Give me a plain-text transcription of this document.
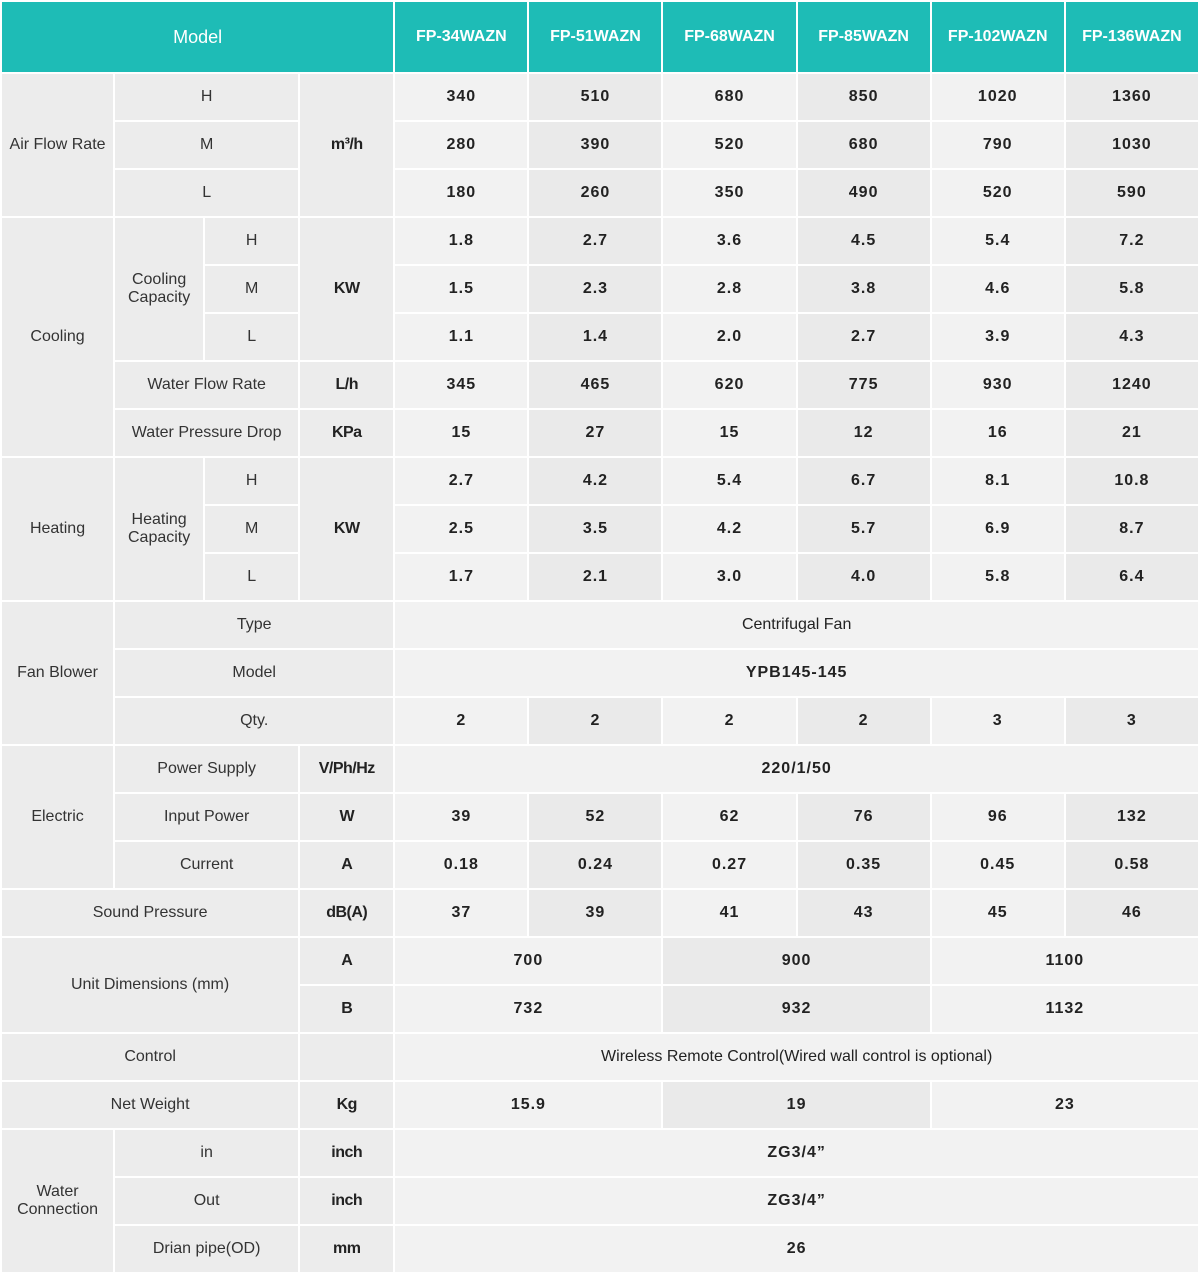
Model				FP-34WAZN	FP-51WAZN	FP-68WAZN	FP-85WAZN	FP-102WAZN	FP-136WAZN
Air Flow Rate	H		m³/h	340	510	680	850	1020	1360
	M			280	390	520	680	790	1030
	L			180	260	350	490	520	590
Cooling	Cooling Capacity	H	KW	1.8	2.7	3.6	4.5	5.4	7.2
		M		1.5	2.3	2.8	3.8	4.6	5.8
		L		1.1	1.4	2.0	2.7	3.9	4.3
	Water Flow Rate		L/h	345	465	620	775	930	1240
	Water Pressure Drop		KPa	15	27	15	12	16	21
Heating	Heating Capacity	H	KW	2.7	4.2	5.4	6.7	8.1	10.8
		M		2.5	3.5	4.2	5.7	6.9	8.7
		L		1.7	2.1	3.0	4.0	5.8	6.4
Fan Blower	Type			Centrifugal Fan					
	Model			YPB145-145					
	Qty.			2	2	2	2	3	3
Electric	Power Supply		V/Ph/Hz	220/1/50					
	Input Power		W	39	52	62	76	96	132
	Current		A	0.18	0.24	0.27	0.35	0.45	0.58
Sound Pressure			dB(A)	37	39	41	43	45	46
Unit Dimensions (mm)			A	700		900		1100	
			B	732		932		1132	
Control				Wireless Remote Control(Wired wall control is optional)					
Net Weight			Kg	15.9		19		23	
Water Connection	in		inch	ZG3/4”					
	Out		inch	ZG3/4”					
	Drian pipe(OD)		mm	26					
